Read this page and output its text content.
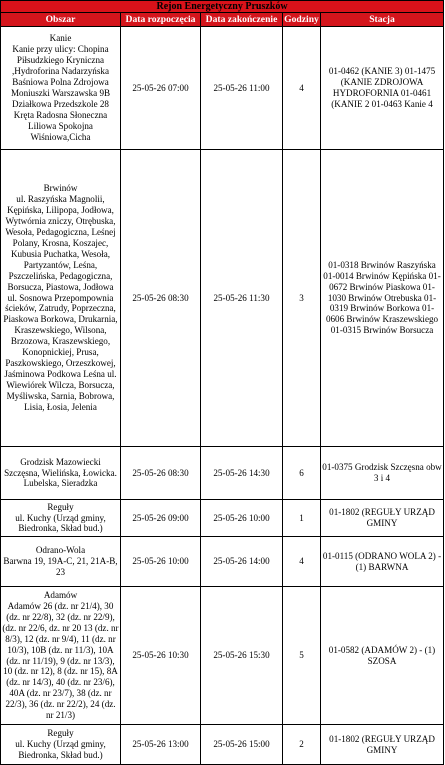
Rejon Energetyczny Pruszków				
Obszar	Data rozpoczęcia	Data zakończenie	Godziny	Stacja

Kanie
Kanie przy ulicy: Chopina Piłsudzkiego Kryniczna ,Hydroforina Nadarzyńska Baśniowa Polna Zdrojowa Moniuszki Warszawska 9B Działkowa Przedszkole 28 Kręta Radosna Słoneczna Liliowa Spokojna Wiśniowa,Cicha	25-05-26 07:00	25-05-26 11:00	4	01-0462 (KANIE 3) 01-1475 (KANIE ZDROJOWA HYDROFORNIA 01-0461 (KANIE 2 01-0463 Kanie 4

Brwinów
ul. Raszyńska Magnolii, Kępińska, Lilipopa, Jodłowa, Wytwórnia zniczy, Otrębuska, Wesoła, Pedagogiczna, Leśnej Polany, Krosna, Koszajec, Kubusia Puchatka, Wesoła, Partyzantów, Leśna, Pszczelińska, Pedagogiczna, Borsucza, Piastowa, Jodłowa ul. Sosnowa Przepompownia ścieków, Zatrudy, Poprzeczna, Piaskowa Borkowa, Drukarnia, Kraszewskiego, Wilsona, Brzozowa, Kraszewskiego, Konopnickiej, Prusa, Paszkowskiego, Orzeszkowej, Jaśminowa Podkowa Leśna ul. Wiewiórek Wilcza, Borsucza, Myśliwska, Sarnia, Bobrowa, Lisia, Łosia, Jelenia	25-05-26 08:30	25-05-26 11:30	3	01-0318 Brwinów Raszyńska 01-0014 Brwinów Kępińska 01-0672 Brwinów Piaskowa 01-1030 Brwinów Otrebuska 01-0319 Brwinów Borkowa 01-0606 Brwinów Kraszewskiego 01-0315 Brwinów Borsucza

Grodzisk Mazowiecki
Szczęsna, Wielińska, Łowicka. Lubelska, Sieradzka	25-05-26 08:30	25-05-26 14:30	6	01-0375 Grodzisk Szczęsna obw 3 i 4

Reguły
ul. Kuchy (Urząd gminy, Biedronka, Skład bud.)	25-05-26 09:00	25-05-26 10:00	1	01-1802 (REGUŁY URZĄD GMINY

Odrano-Wola
Barwna 19, 19A-C, 21, 21A-B, 23	25-05-26 10:00	25-05-26 14:00	4	01-0115 (ODRANO WOLA 2) - (1) BARWNA

Adamów
Adamów 26 (dz. nr 21/4), 30 (dz. nr 22/8), 32 (dz. nr 22/9), (dz. nr 22/6, dz. nr 20 13 (dz. nr 8/3), 12 (dz. nr 9/4), 11 (dz. nr 10/3), 10B (dz. nr 11/3), 10A (dz. nr 11/19), 9 (dz. nr 13/3), 10 (dz. nr 12), 8 (dz. nr 15), 8A (dz. nr 14/3), 40 (dz. nr 23/6), 40A (dz. nr 23/7), 38 (dz. nr 22/3), 36 (dz. nr 22/2), 24 (dz. nr 21/3)	25-05-26 10:30	25-05-26 15:30	5	01-0582 (ADAMÓW 2) - (1) SZOSA

Reguły
ul. Kuchy (Urząd gminy, Biedronka, Skład bud.)	25-05-26 13:00	25-05-26 15:00	2	01-1802 (REGUŁY URZĄD GMINY
